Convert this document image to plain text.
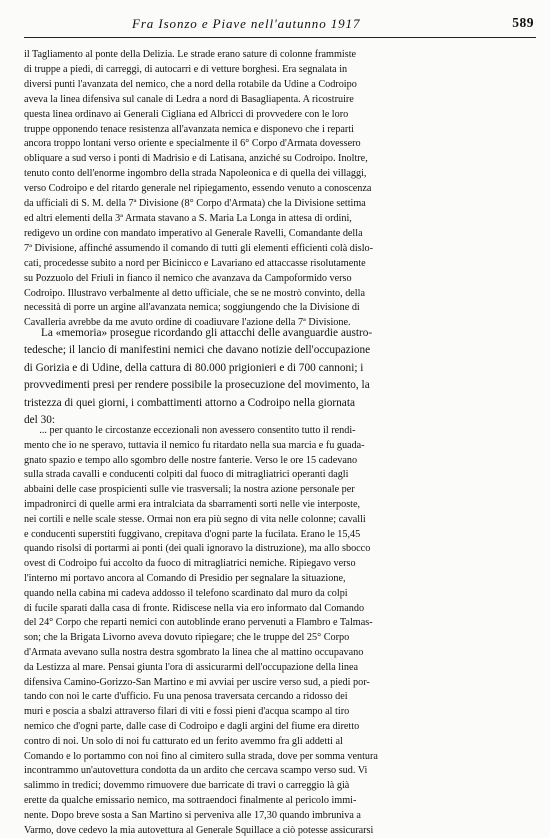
Fra Isonzo e Piave nell'autunno 1917	589
il Tagliamento al ponte della Delizia. Le strade erano sature di colonne frammiste
di truppe a piedi, di carreggi, di autocarri e di vetture borghesi. Era segnalata in
diversi punti l'avanzata del nemico, che a nord della rotabile da Udine a Codroipo
aveva la linea difensiva sul canale di Ledra a nord di Basagliapenta. A ricostruire
questa linea ordinavo ai Generali Cigliana ed Albricci di provvedere con le loro
truppe opponendo tenace resistenza all'avanzata nemica e disponevo che i reparti
ancora troppo lontani verso oriente e specialmente il 6° Corpo d'Armata dovessero
obliquare a sud verso i ponti di Madrisio e di Latisana, anziché su Codroipo. Inoltre,
tenuto conto dell'enorme ingombro della strada Napoleonica e di quella dei villaggi,
verso Codroipo e del ritardo generale nel ripiegamento, essendo venuto a conoscenza
da ufficiali di S. M. della 7ª Divisione (8° Corpo d'Armata) che la Divisione settima
ed altri elementi della 3ª Armata stavano a S. Maria La Longa in attesa di ordini,
redigevo un ordine con mandato imperativo al Generale Ravelli, Comandante della
7ª Divisione, affinché assumendo il comando di tutti gli elementi efficienti colà dislo-
cati, procedesse subito a nord per Bicinicco e Lavariano ed attaccasse risolutamente
su Pozzuolo del Friuli in fianco il nemico che avanzava da Campoformido verso
Codroipo. Illustravo verbalmente al detto ufficiale, che se ne mostrò convinto, della
necessità di porre un argine all'avanzata nemica; soggiungendo che la Divisione di
Cavalleria avrebbe da me avuto ordine di coadiuvare l'azione della 7ª Divisione.
La «memoria» prosegue ricordando gli attacchi delle avanguardie austro-
tedesche; il lancio di manifestini nemici che davano notizie dell'occupazione
di Gorizia e di Udine, della cattura di 80.000 prigionieri e di 700 cannoni; i
provvedimenti presi per rendere possibile la prosecuzione del movimento, la
tristezza di quei giorni, i combattimenti attorno a Codroipo nella giornata
del 30:
... per quanto le circostanze eccezionali non avessero consentito tutto il rendi-
mento che io ne speravo, tuttavia il nemico fu ritardato nella sua marcia e fu guada-
gnato spazio e tempo allo sgombro delle nostre fanterie. Verso le ore 15 cadevano
sulla strada cavalli e conducenti colpiti dal fuoco di mitragliatrici operanti dagli
abbaini delle case prospicienti sulle vie trasversali; la nostra azione personale per
impadronirci di quelle armi era intralciata da sbarramenti sorti nelle vie interposte,
nei cortili e nelle scale stesse. Ormai non era più segno di vita nelle colonne; cavalli
e conducenti superstiti fuggivano, crepitava d'ogni parte la fucilata. Erano le 15,45
quando risolsi di portarmi ai ponti (dei quali ignoravo la distruzione), ma allo sbocco
ovest di Codroipo fui accolto da fuoco di mitragliatrici nemiche. Ripiegavo verso
l'interno mi portavo ancora al Comando di Presidio per segnalare la situazione,
quando nella cabina mi cadeva addosso il telefono scardinato dal muro da colpi
di fucile sparati dalla casa di fronte. Ridiscese nella via ero informato dal Comando
del 24° Corpo che reparti nemici con autoblinde erano pervenuti a Flambro e Talmas-
son; che la Brigata Livorno aveva dovuto ripiegare; che le truppe del 25° Corpo
d'Armata avevano sulla nostra destra sgombrato la linea che al mattino occupavano
da Lestizza al mare. Pensai giunta l'ora di assicurarmi dell'occupazione della linea
difensiva Camino-Gorizzo-San Martino e mi avviai per uscire verso sud, a piedi por-
tando con noi le carte d'ufficio. Fu una penosa traversata cercando a ridosso dei
muri e poscia a sbalzi attraverso filari di viti e fossi pieni d'acqua scampo al tiro
nemico che d'ogni parte, dalle case di Codroipo e dagli argini del fiume era diretto
contro di noi. Un solo di noi fu catturato ed un ferito avemmo fra gli addetti al
Comando e lo portammo con noi fino al cimitero sulla strada, dove per somma ventura
incontrammo un'autovettura condotta da un ardito che cercava scampo verso sud. Vi
salimmo in tredici; dovemmo rimuovere due barricate di travi o carreggio là già
erette da qualche emissario nemico, ma sottraendoci finalmente al pericolo immi-
nente. Dopo breve sosta a San Martino si perveniva alle 17,30 quando imbruniva a
Varmo, dove cedevo la mia autovettura al Generale Squillace a ciò potesse assicurarsi
